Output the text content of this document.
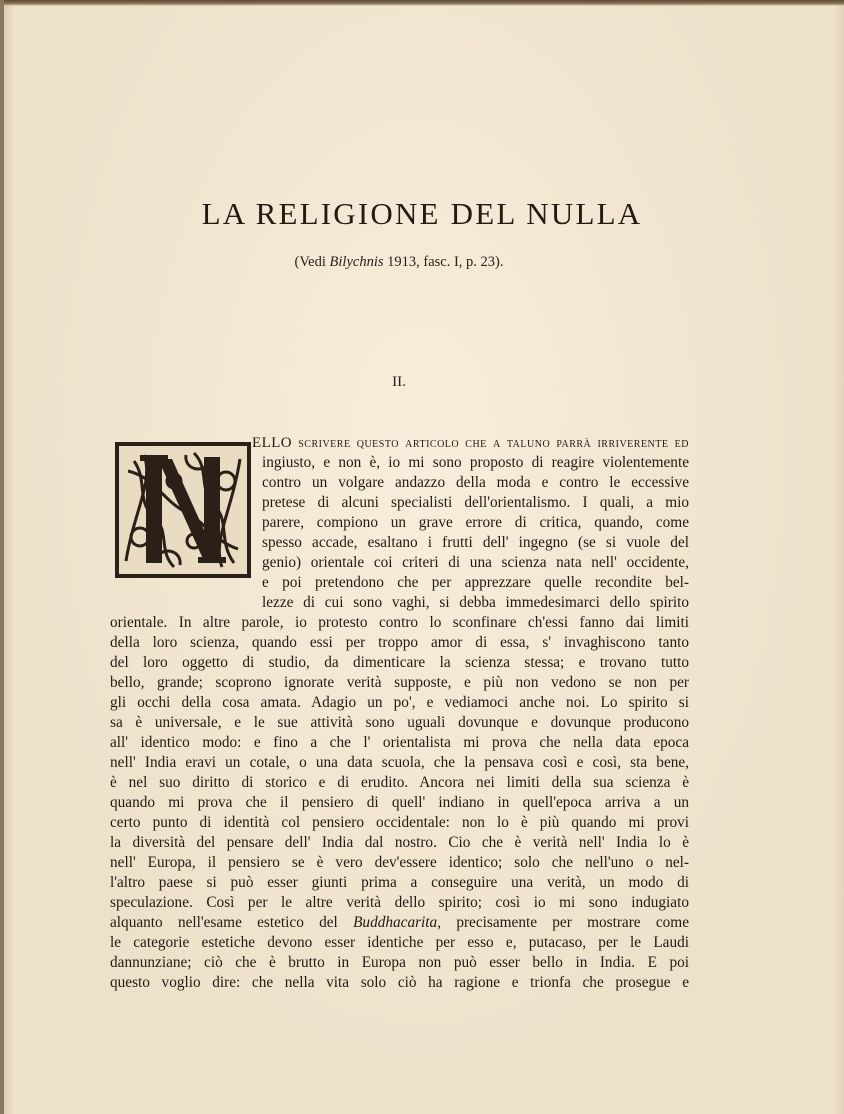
LA RELIGIONE DEL NULLA
(Vedi Bilychnis 1913, fasc. I, p. 23).
II.
ELLO scrivere questo articolo che a taluno parrà irriverente ed
ingiusto, e non è, io mi sono proposto di reagire violentemente
contro un volgare andazzo della moda e contro le eccessive
pretese di alcuni specialisti dell'orientalismo. I quali, a mio
parere, compiono un grave errore di critica, quando, come
spesso accade, esaltano i frutti dell' ingegno (se si vuole del
genio) orientale coi criteri di una scienza nata nell' occidente,
e poi pretendono che per apprezzare quelle recondite bel-
lezze di cui sono vaghi, si debba immedesimarci dello spirito
orientale. In altre parole, io protesto contro lo sconfinare ch'essi fanno dai limiti
della loro scienza, quando essi per troppo amor di essa, s' invaghiscono tanto
del loro oggetto di studio, da dimenticare la scienza stessa; e trovano tutto
bello, grande; scoprono ignorate verità supposte, e più non vedono se non per
gli occhi della cosa amata. Adagio un po', e vediamoci anche noi. Lo spirito si
sa è universale, e le sue attività sono uguali dovunque e dovunque producono
all' identico modo: e fino a che l' orientalista mi prova che nella data epoca
nell' India eravi un cotale, o una data scuola, che la pensava così e così, sta bene,
è nel suo diritto di storico e di erudito. Ancora nei limiti della sua scienza è
quando mi prova che il pensiero di quell' indiano in quell'epoca arriva a un
certo punto di identità col pensiero occidentale: non lo è più quando mi provi
la diversità del pensare dell' India dal nostro. Cio che è verità nell' India lo è
nell' Europa, il pensiero se è vero dev'essere identico; solo che nell'uno o nel-
l'altro paese si può esser giunti prima a conseguire una verità, un modo di
speculazione. Così per le altre verità dello spirito; così io mi sono indugiato
alquanto nell'esame estetico del Buddhacarita, precisamente per mostrare come
le categorie estetiche devono esser identiche per esso e, putacaso, per le Laudi
dannunziane; ciò che è brutto in Europa non può esser bello in India. E poi
questo voglio dire: che nella vita solo ciò ha ragione e trionfa che prosegue e
